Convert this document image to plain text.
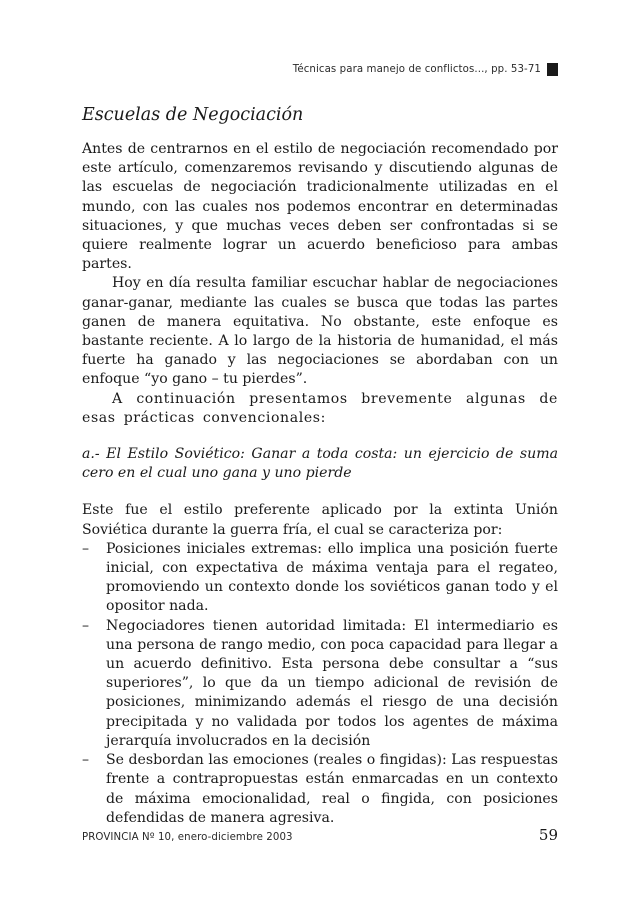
Técnicas para manejo de conflictos..., pp. 53-71
Escuelas de Negociación

Antes de centrarnos en el estilo de negociación recomendado por este artículo, comenzaremos revisando y discutiendo algunas de las escuelas de negociación tradicionalmente utilizadas en el mundo, con las cuales nos podemos encontrar en determinadas situaciones, y que muchas veces deben ser confrontadas si se quiere realmente lograr un acuerdo beneficioso para ambas partes.

Hoy en día resulta familiar escuchar hablar de negociaciones ganar-ganar, mediante las cuales se busca que todas las partes ganen de manera equitativa. No obstante, este enfoque es bastante reciente. A lo largo de la historia de humanidad, el más fuerte ha ganado y las negociaciones se abordaban con un enfoque “yo gano – tu pierdes”.

A continuación presentamos brevemente algunas de esas prácticas convencionales:

a.- El Estilo Soviético: Ganar a toda costa: un ejercicio de suma cero en el cual uno gana y uno pierde

Este fue el estilo preferente aplicado por la extinta Unión Soviética durante la guerra fría, el cual se caracteriza por:

– Posiciones iniciales extremas: ello implica una posición fuerte inicial, con expectativa de máxima ventaja para el regateo, promoviendo un contexto donde los soviéticos ganan todo y el opositor nada.
– Negociadores tienen autoridad limitada: El intermediario es una persona de rango medio, con poca capacidad para llegar a un acuerdo definitivo. Esta persona debe consultar a “sus superiores”, lo que da un tiempo adicional de revisión de posiciones, minimizando además el riesgo de una decisión precipitada y no validada por todos los agentes de máxima jerarquía involucrados en la decisión
– Se desbordan las emociones (reales o fingidas): Las respuestas frente a contrapropuestas están enmarcadas en un contexto de máxima emocionalidad, real o fingida, con posiciones defendidas de manera agresiva.
PROVINCIA Nº 10, enero-diciembre 2003	59
